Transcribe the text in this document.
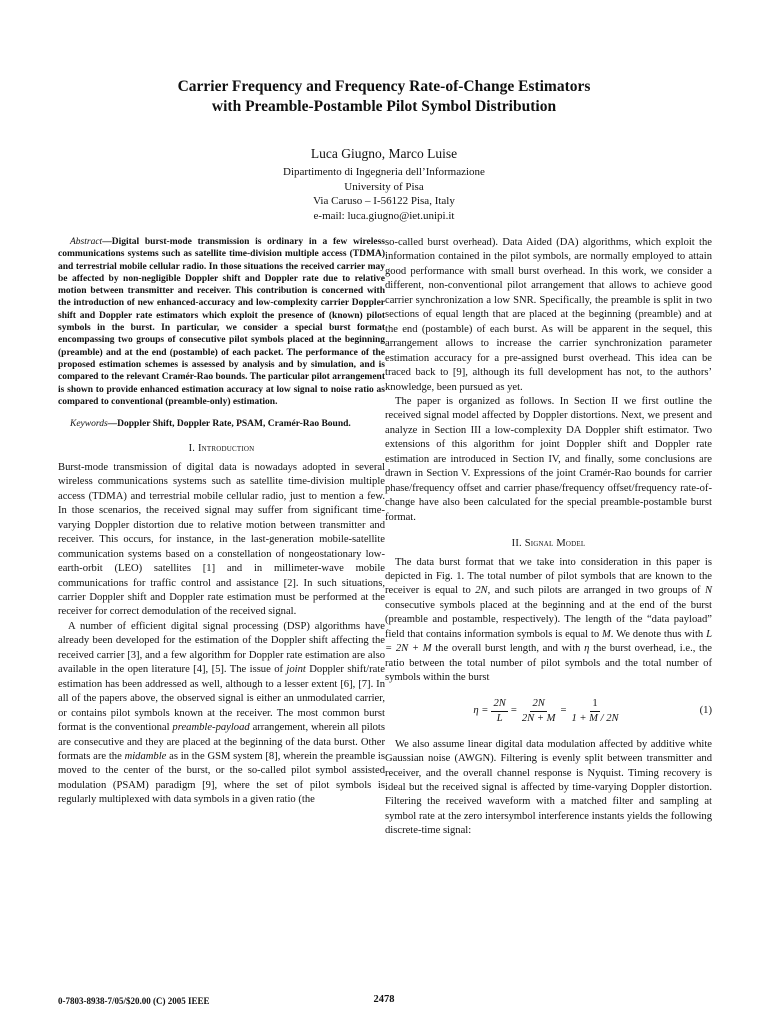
Carrier Frequency and Frequency Rate-of-Change Estimators
with Preamble-Postamble Pilot Symbol Distribution
Luca Giugno, Marco Luise
Dipartimento di Ingegneria dell’Informazione
University of Pisa
Via Caruso – I-56122 Pisa, Italy
e-mail: luca.giugno@iet.unipi.it

Abstract—Digital burst-mode transmission is ordinary in a few wireless communications systems such as satellite time-division multiple access (TDMA) and terrestrial mobile cellular radio. In those situations the received carrier may be affected by non-negligible Doppler shift and Doppler rate due to relative motion between transmitter and receiver. This contribution is concerned with the introduction of new enhanced-accuracy and low-complexity carrier Doppler shift and Doppler rate estimators which exploit the presence of (known) pilot symbols in the burst. In particular, we consider a special burst format encompassing two groups of consecutive pilot symbols placed at the beginning (preamble) and at the end (postamble) of each packet. The performance of the proposed estimation schemes is assessed by analysis and by simulation, and is compared to the relevant Cramér-Rao bounds. The particular pilot arrangement is shown to provide enhanced estimation accuracy at low signal to noise ratio as compared to conventional (preamble-only) estimation.

Keywords—Doppler Shift, Doppler Rate, PSAM, Cramér-Rao Bound.

I. Introduction

Burst-mode transmission of digital data is nowadays adopted in several wireless communications systems such as satellite time-division multiple access (TDMA) and terrestrial mobile cellular radio, just to mention a few. In those scenarios, the received signal may suffer from significant time-varying Doppler distortion due to relative motion between transmitter and receiver. This occurs, for instance, in the last-generation mobile-satellite communication systems based on a constellation of nongeostationary low-earth-orbit (LEO) satellites [1] and in millimeter-wave mobile communications for traffic control and assistance [2]. In such situations, carrier Doppler shift and Doppler rate estimation must be performed at the receiver for correct demodulation of the received signal.

A number of efficient digital signal processing (DSP) algorithms have already been developed for the estimation of the Doppler shift affecting the received carrier [3], and a few algorithm for Doppler rate estimation are also available in the open literature [4], [5]. The issue of joint Doppler shift/rate estimation has been addressed as well, although to a lesser extent [6], [7]. In all of the papers above, the observed signal is either an unmodulated carrier, or contains pilot symbols known at the receiver. The most common burst format is the conventional preamble-payload arrangement, wherein all pilots are consecutive and they are placed at the beginning of the data burst. Other formats are the midamble as in the GSM system [8], wherein the preamble is moved to the center of the burst, or the so-called pilot symbol assisted modulation (PSAM) paradigm [9], where the set of pilot symbols is regularly multiplexed with data symbols in a given ratio (the

so-called burst overhead). Data Aided (DA) algorithms, which exploit the information contained in the pilot symbols, are normally employed to attain good performance with small burst overhead. In this work, we consider a different, non-conventional pilot arrangement that allows to achieve good carrier synchronization a low SNR. Specifically, the preamble is split in two sections of equal length that are placed at the beginning (preamble) and at the end (postamble) of each burst. As will be apparent in the sequel, this arrangement allows to increase the carrier synchronization parameter estimation accuracy for a pre-assigned burst overhead. This idea can be traced back to [9], although its full development has not, to the authors’ knowledge, been pursued as yet.

The paper is organized as follows. In Section II we first outline the received signal model affected by Doppler distortions. Next, we present and analyze in Section III a low-complexity DA Doppler shift estimator. Two extensions of this algorithm for joint Doppler shift and Doppler rate estimation are introduced in Section IV, and finally, some conclusions are drawn in Section V. Expressions of the joint Cramér-Rao bounds for carrier phase/frequency offset and carrier phase/frequency offset/frequency rate-of-change have also been calculated for the special preamble-postamble burst format.

II. Signal Model

The data burst format that we take into consideration in this paper is depicted in Fig. 1. The total number of pilot symbols that are known to the receiver is equal to 2N, and such pilots are arranged in two groups of N consecutive symbols placed at the beginning and at the end of the burst (preamble and postamble, respectively). The length of the “data payload” field that contains information symbols is equal to M. We denote thus with L = 2N + M the overall burst length, and with η the burst overhead, i.e., the ratio between the total number of pilot symbols and the total number of symbols within the burst

$\eta = \frac{2N}{L} = \frac{2N}{2N + M} = \frac{1}{1 + M / 2N}$	(1)

We also assume linear digital data modulation affected by additive white Gaussian noise (AWGN). Filtering is evenly split between transmitter and receiver, and the overall channel response is Nyquist. Timing recovery is ideal but the received signal is affected by time-varying Doppler distortion. Filtering the received waveform with a matched filter and sampling at symbol rate at the zero intersymbol interference instants yields the following discrete-time signal:

0-7803-8938-7/05/$20.00 (C) 2005 IEEE	2478
